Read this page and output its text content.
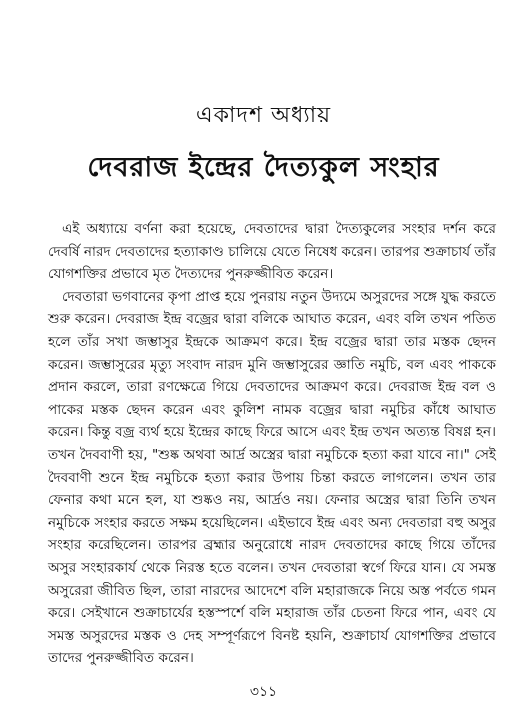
একাদশ অধ্যায়
দেবরাজ ইন্দ্রের দৈত্যকুল সংহার

এই অধ্যায়ে বর্ণনা করা হয়েছে, দেবতাদের দ্বারা দৈত্যকুলের সংহার দর্শন করে দেবর্ষি নারদ দেবতাদের হত্যাকাণ্ড চালিয়ে যেতে নিষেধ করেন। তারপর শুক্রাচার্য তাঁর যোগশক্তির প্রভাবে মৃত দৈত্যদের পুনরুজ্জীবিত করেন।

দেবতারা ভগবানের কৃপা প্রাপ্ত হয়ে পুনরায় নতুন উদ্যমে অসুরদের সঙ্গে যুদ্ধ করতে শুরু করেন। দেবরাজ ইন্দ্র বজ্রের দ্বারা বলিকে আঘাত করেন, এবং বলি তখন পতিত হলে তাঁর সখা জম্ভাসুর ইন্দ্রকে আক্রমণ করে। ইন্দ্র বজ্রের দ্বারা তার মস্তক ছেদন করেন। জম্ভাসুরের মৃত্যু সংবাদ নারদ মুনি জম্ভাসুরের জ্ঞাতি নমুচি, বল এবং পাককে প্রদান করলে, তারা রণক্ষেত্রে গিয়ে দেবতাদের আক্রমণ করে। দেবরাজ ইন্দ্র বল ও পাকের মস্তক ছেদন করেন এবং কুলিশ নামক বজ্রের দ্বারা নমুচির কাঁধে আঘাত করেন। কিন্তু বজ্র ব্যর্থ হয়ে ইন্দ্রের কাছে ফিরে আসে এবং ইন্দ্র তখন অত্যন্ত বিষণ্ণ হন। তখন দৈববাণী হয়, "শুষ্ক অথবা আর্দ্র অস্ত্রের দ্বারা নমুচিকে হত্যা করা যাবে না।" সেই দৈববাণী শুনে ইন্দ্র নমুচিকে হত্যা করার উপায় চিন্তা করতে লাগলেন। তখন তার ফেনার কথা মনে হল, যা শুষ্কও নয়, আর্দ্রও নয়। ফেনার অস্ত্রের দ্বারা তিনি তখন নমুচিকে সংহার করতে সক্ষম হয়েছিলেন। এইভাবে ইন্দ্র এবং অন্য দেবতারা বহু অসুর সংহার করেছিলেন। তারপর ব্রহ্মার অনুরোধে নারদ দেবতাদের কাছে গিয়ে তাঁদের অসুর সংহারকার্য থেকে নিরস্ত হতে বলেন। তখন দেবতারা স্বর্গে ফিরে যান। যে সমস্ত অসুরেরা জীবিত ছিল, তারা নারদের আদেশে বলি মহারাজকে নিয়ে অস্ত পর্বতে গমন করে। সেইখানে শুক্রাচার্যের হস্তস্পর্শে বলি মহারাজ তাঁর চেতনা ফিরে পান, এবং যে সমস্ত অসুরদের মস্তক ও দেহ সম্পূর্ণরূপে বিনষ্ট হয়নি, শুক্রাচার্য যোগশক্তির প্রভাবে তাদের পুনরুজ্জীবিত করেন।

৩১১
